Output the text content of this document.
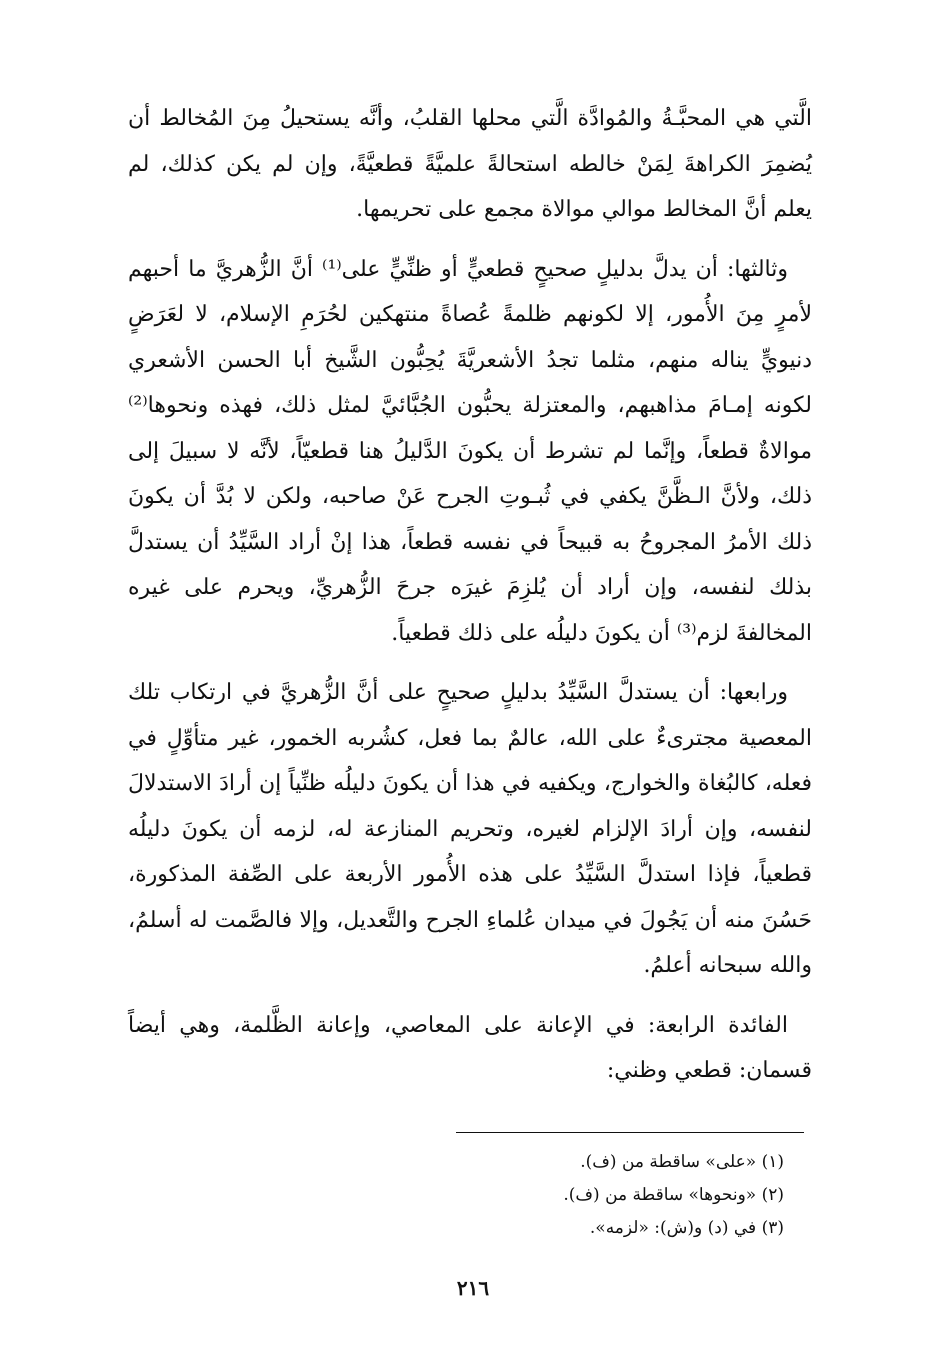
الَّتي هي المحبَّـةُ والمُوادَّة الَّتي محلها القلبُ، وأنَّه يستحيلُ مِنَ المُخالط أن يُضمِرَ الكراهةَ لِمَنْ خالطه استحالةً علميَّةً قطعيَّةً، وإن لم يكن كذلك، لم يعلم أنَّ المخالط موالي موالاة مجمع على تحريمها.

وثالثها: أن يدلَّ بدليلٍ صحيحٍ قطعيٍّ أو ظنِّيٍّ على⁽¹⁾ أنَّ الزُّهريَّ ما أحبهم لأمرٍ مِنَ الأُمور، إلا لكونهم ظلمةً عُصاةً منتهكين لحُرَمِ الإسلام، لا لعَرَضٍ دنيويٍّ يناله منهم، مثلما تجدُ الأشعريَّةَ يُحِبُّون الشَّيخ أبا الحسن الأشعري لكونه إمـامَ مذاهبهم، والمعتزلة يحبُّون الجُبَّائيَّ لمثل ذلك، فهذه ونحوها⁽²⁾ موالاةٌ قطعاً، وإنَّما لم تشرط أن يكونَ الدَّليلُ هنا قطعيّاً، لأنَّه لا سبيلَ إلى ذلك، ولأنَّ الـظَّنَّ يكفي في ثُبـوتِ الجرح عَنْ صاحبه، ولكن لا بُدَّ أن يكونَ ذلك الأمرُ المجروحُ به قبيحاً في نفسه قطعاً، هذا إنْ أراد السَّيِّدُ أن يستدلَّ بذلك لنفسه، وإن أراد أن يُلزِمَ غيرَه جرحَ الزُّهريِّ، ويحرم على غيره المخالفةَ لزم⁽³⁾ أن يكونَ دليلُه على ذلك قطعياً.

ورابعها: أن يستدلَّ السَّيِّدُ بدليلٍ صحيحٍ على أنَّ الزُّهريَّ في ارتكاب تلك المعصية مجترىءٌ على الله، عالمٌ بما فعل، كشُربه الخمور، غير متأوِّلٍ في فعله، كالبُغاة والخوارج، ويكفيه في هذا أن يكونَ دليلُه ظنِّياً إن أرادَ الاستدلالَ لنفسه، وإن أرادَ الإلزام لغيره، وتحريم المنازعة له، لزمه أن يكونَ دليلُه قطعياً، فإذا استدلَّ السَّيِّدُ على هذه الأُمور الأربعة على الصِّفة المذكورة، حَسُنَ منه أن يَجُولَ في ميدان عُلماءِ الجرح والتَّعديل، وإلا فالصَّمت له أسلمُ، والله سبحانه أعلمُ.

الفائدة الرابعة: في الإعانة على المعاصي، وإعانة الظَّلمة، وهي أيضاً قسمان: قطعي وظني:

(١) «على» ساقطة من (ف).

(٢) «ونحوها» ساقطة من (ف).

(٣) في (د) و(ش): «لزمه».

٢١٦
